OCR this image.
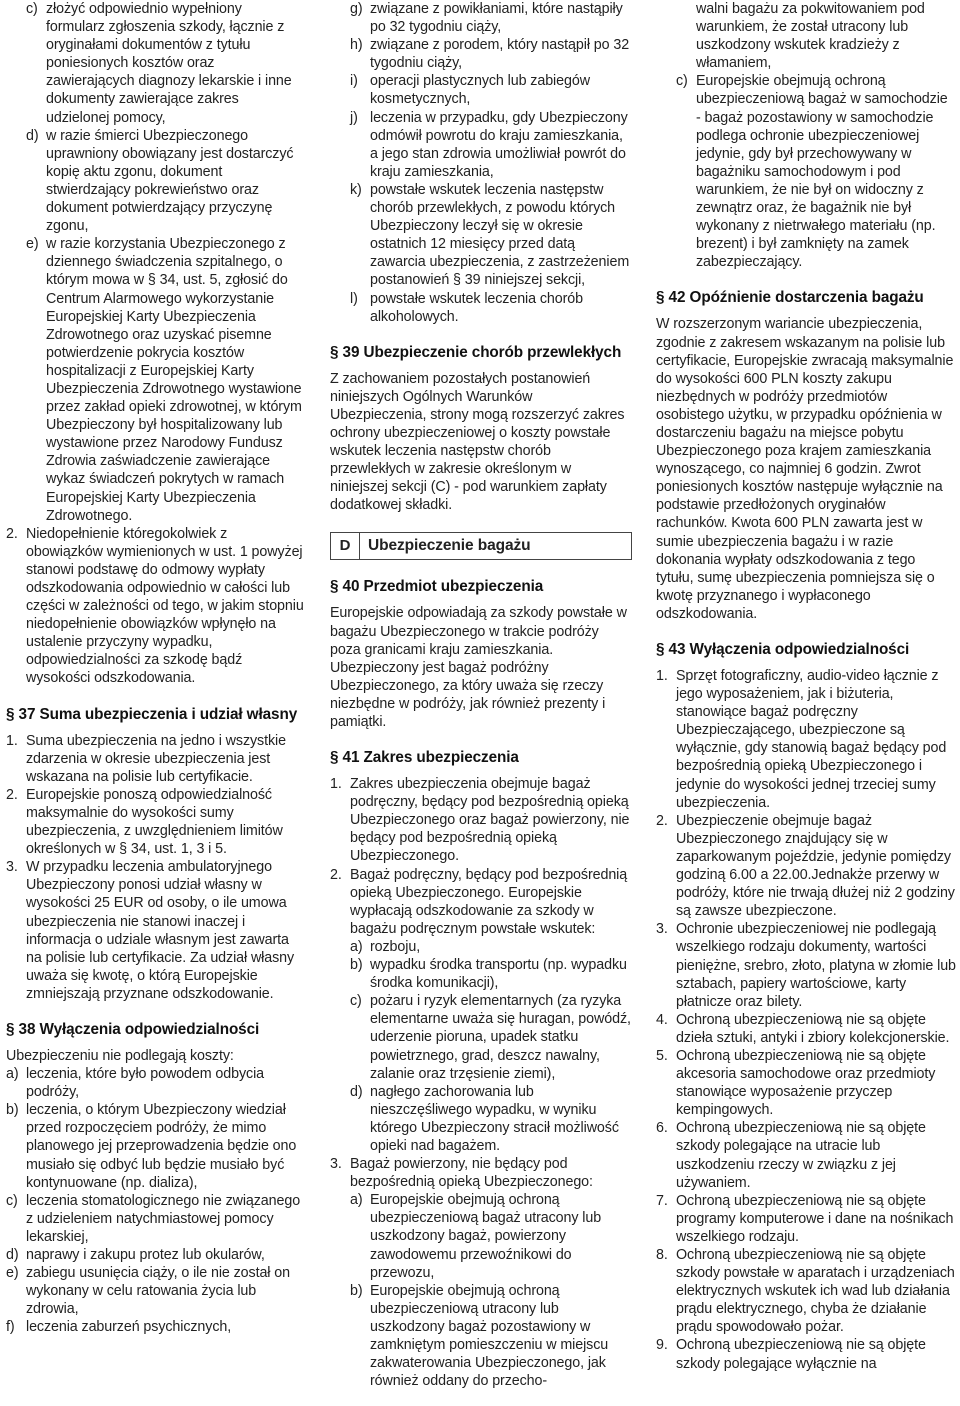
c) złożyć odpowiednio wypełniony formularz zgłoszenia szkody, łącznie z oryginałami dokumentów z tytułu poniesionych kosztów oraz zawierających diagnozy lekarskie i inne dokumenty zawierające zakres udzielonej pomocy,
d) w razie śmierci Ubezpieczonego uprawniony obowiązany jest dostarczyć kopię aktu zgonu, dokument stwierdzający pokrewieństwo oraz dokument potwierdzający przyczynę zgonu,
e) w razie korzystania Ubezpieczonego z dziennego świadczenia szpitalnego, o którym mowa w § 34, ust. 5, zgłosić do Centrum Alarmowego wykorzystanie Europejskiej Karty Ubezpieczenia Zdrowotnego oraz uzyskać pisemne potwierdzenie pokrycia kosztów hospitalizacji z Europejskiej Karty Ubezpieczenia Zdrowotnego wystawione przez zakład opieki zdrowotnej, w którym Ubezpieczony był hospitalizowany lub wystawione przez Narodowy Fundusz Zdrowia zaświadczenie zawierające wykaz świadczeń pokrytych w ramach Europejskiej Karty Ubezpieczenia Zdrowotnego.
2. Niedopełnienie któregokolwiek z obowiązków wymienionych w ust. 1 powyżej stanowi podstawę do odmowy wypłaty odszkodowania odpowiednio w całości lub części w zależności od tego, w jakim stopniu niedopełnienie obowiązków wpłynęło na ustalenie przyczyny wypadku, odpowiedzialności za szkodę bądź wysokości odszkodowania.
§ 37 Suma ubezpieczenia i udział własny
1. Suma ubezpieczenia na jedno i wszystkie zdarzenia w okresie ubezpieczenia jest wskazana na polisie lub certyfikacie.
2. Europejskie ponoszą odpowiedzialność maksymalnie do wysokości sumy ubezpieczenia, z uwzględnieniem limitów określonych w § 34, ust. 1, 3 i 5.
3. W przypadku leczenia ambulatoryjnego Ubezpieczony ponosi udział własny w wysokości 25 EUR od osoby, o ile umowa ubezpieczenia nie stanowi inaczej i informacja o udziale własnym jest zawarta na polisie lub certyfikacie. Za udział własny uważa się kwotę, o którą Europejskie zmniejszają przyznane odszkodowanie.
§ 38 Wyłączenia odpowiedzialności

Ubezpieczeniu nie podlegają koszty:

a) leczenia, które było powodem odbycia podróży,
b) leczenia, o którym Ubezpieczony wiedział przed rozpoczęciem podróży, że mimo planowego jej przeprowadzenia będzie ono musiało się odbyć lub będzie musiało być kontynuowane (np. dializa),
c) leczenia stomatologicznego nie związanego z udzieleniem natychmiastowej pomocy lekarskiej,
d) naprawy i zakupu protez lub okularów,
e) zabiegu usunięcia ciąży, o ile nie został on wykonany w celu ratowania życia lub zdrowia,
f) leczenia zaburzeń psychicznych,
g) związane z powikłaniami, które nastąpiły po 32 tygodniu ciąży,
h) związane z porodem, który nastąpił po 32 tygodniu ciąży,
i) operacji plastycznych lub zabiegów kosmetycznych,
j) leczenia w przypadku, gdy Ubezpieczony odmówił powrotu do kraju zamieszkania, a jego stan zdrowia umożliwiał powrót do kraju zamieszkania,
k) powstałe wskutek leczenia następstw chorób przewlekłych, z powodu których Ubezpieczony leczył się w okresie ostatnich 12 miesięcy przed datą zawarcia ubezpieczenia, z zastrzeżeniem postanowień § 39 niniejszej sekcji,
l) powstałe wskutek leczenia chorób alkoholowych.
§ 39 Ubezpieczenie chorób przewlekłych

Z zachowaniem pozostałych postanowień niniejszych Ogólnych Warunków Ubezpieczenia, strony mogą rozszerzyć zakres ochrony ubezpieczeniowej o koszty powstałe wskutek leczenia następstw chorób przewlekłych w zakresie określonym w niniejszej sekcji (C) - pod warunkiem zapłaty dodatkowej składki.

D	Ubezpieczenie bagażu
§ 40 Przedmiot ubezpieczenia

Europejskie odpowiadają za szkody powstałe w bagażu Ubezpieczonego w trakcie podróży poza granicami kraju zamieszkania. Ubezpieczony jest bagaż podróżny Ubezpieczonego, za który uważa się rzeczy niezbędne w podróży, jak również prezenty i pamiątki.

§ 41 Zakres ubezpieczenia
1. Zakres ubezpieczenia obejmuje bagaż podręczny, będący pod bezpośrednią opieką Ubezpieczonego oraz bagaż powierzony, nie będący pod bezpośrednią opieką Ubezpieczonego.
2. Bagaż podręczny, będący pod bezpośrednią opieką Ubezpieczonego. Europejskie wypłacają odszkodowanie za szkody w bagażu podręcznym powstałe wskutek:
a) rozboju,
b) wypadku środka transportu (np. wypadku środka komunikacji),
c) pożaru i ryzyk elementarnych (za ryzyka elementarne uważa się huragan, powódź, uderzenie pioruna, upadek statku powietrznego, grad, deszcz nawalny, zalanie oraz trzęsienie ziemi),
d) nagłego zachorowania lub nieszczęśliwego wypadku, w wyniku którego Ubezpieczony stracił możliwość opieki nad bagażem.
3. Bagaż powierzony, nie będący pod bezpośrednią opieką Ubezpieczonego:
a) Europejskie obejmują ochroną ubezpieczeniową bagaż utracony lub uszkodzony bagaż, powierzony zawodowemu przewoźnikowi do przewozu,
b) Europejskie obejmują ochroną ubezpieczeniową utracony lub uszkodzony bagaż pozostawiony w zamkniętym pomieszczeniu w miejscu zakwaterowania Ubezpieczonego, jak również oddany do przecho-

walni bagażu za pokwitowaniem pod warunkiem, że został utracony lub uszkodzony wskutek kradzieży z włamaniem,

c) Europejskie obejmują ochroną ubezpieczeniową bagaż w samochodzie - bagaż pozostawiony w samochodzie podlega ochronie ubezpieczeniowej jedynie, gdy był przechowywany w bagażniku samochodowym i pod warunkiem, że nie był on widoczny z zewnątrz oraz, że bagażnik nie był wykonany z nietrwałego materiału (np. brezent) i był zamknięty na zamek zabezpieczający.
§ 42 Opóźnienie dostarczenia bagażu

W rozszerzonym wariancie ubezpieczenia, zgodnie z zakresem wskazanym na polisie lub certyfikacie, Europejskie zwracają maksymalnie do wysokości 600 PLN koszty zakupu niezbędnych w podróży przedmiotów osobistego użytku, w przypadku opóźnienia w dostarczeniu bagażu na miejsce pobytu Ubezpieczonego poza krajem zamieszkania wynoszącego, co najmniej 6 godzin. Zwrot poniesionych kosztów następuje wyłącznie na podstawie przedłożonych oryginałów rachunków. Kwota 600 PLN zawarta jest w sumie ubezpieczenia bagażu i w razie dokonania wypłaty odszkodowania z tego tytułu, sumę ubezpieczenia pomniejsza się o kwotę przyznanego i wypłaconego odszkodowania.

§ 43 Wyłączenia odpowiedzialności
1. Sprzęt fotograficzny, audio-video łącznie z jego wyposażeniem, jak i biżuteria, stanowiące bagaż podręczny Ubezpieczającego, ubezpieczone są wyłącznie, gdy stanowią bagaż będący pod bezpośrednią opieką Ubezpieczonego i jedynie do wysokości jednej trzeciej sumy ubezpieczenia.
2. Ubezpieczenie obejmuje bagaż Ubezpieczonego znajdujący się w zaparkowanym pojeździe, jedynie pomiędzy godziną 6.00 a 22.00.Jednakże przerwy w podróży, które nie trwają dłużej niż 2 godziny są zawsze ubezpieczone.
3. Ochronie ubezpieczeniowej nie podlegają wszelkiego rodzaju dokumenty, wartości pieniężne, srebro, złoto, platyna w złomie lub sztabach, papiery wartościowe, karty płatnicze oraz bilety.
4. Ochroną ubezpieczeniową nie są objęte dzieła sztuki, antyki i zbiory kolekcjonerskie.
5. Ochroną ubezpieczeniową nie są objęte akcesoria samochodowe oraz przedmioty stanowiące wyposażenie przyczep kempingowych.
6. Ochroną ubezpieczeniową nie są objęte szkody polegające na utracie lub uszkodzeniu rzeczy w związku z jej używaniem.
7. Ochroną ubezpieczeniową nie są objęte programy komputerowe i dane na nośnikach wszelkiego rodzaju.
8. Ochroną ubezpieczeniową nie są objęte szkody powstałe w aparatach i urządzeniach elektrycznych wskutek ich wad lub działania prądu elektrycznego, chyba że działanie prądu spowodowało pożar.
9. Ochroną ubezpieczeniową nie są objęte szkody polegające wyłącznie na
